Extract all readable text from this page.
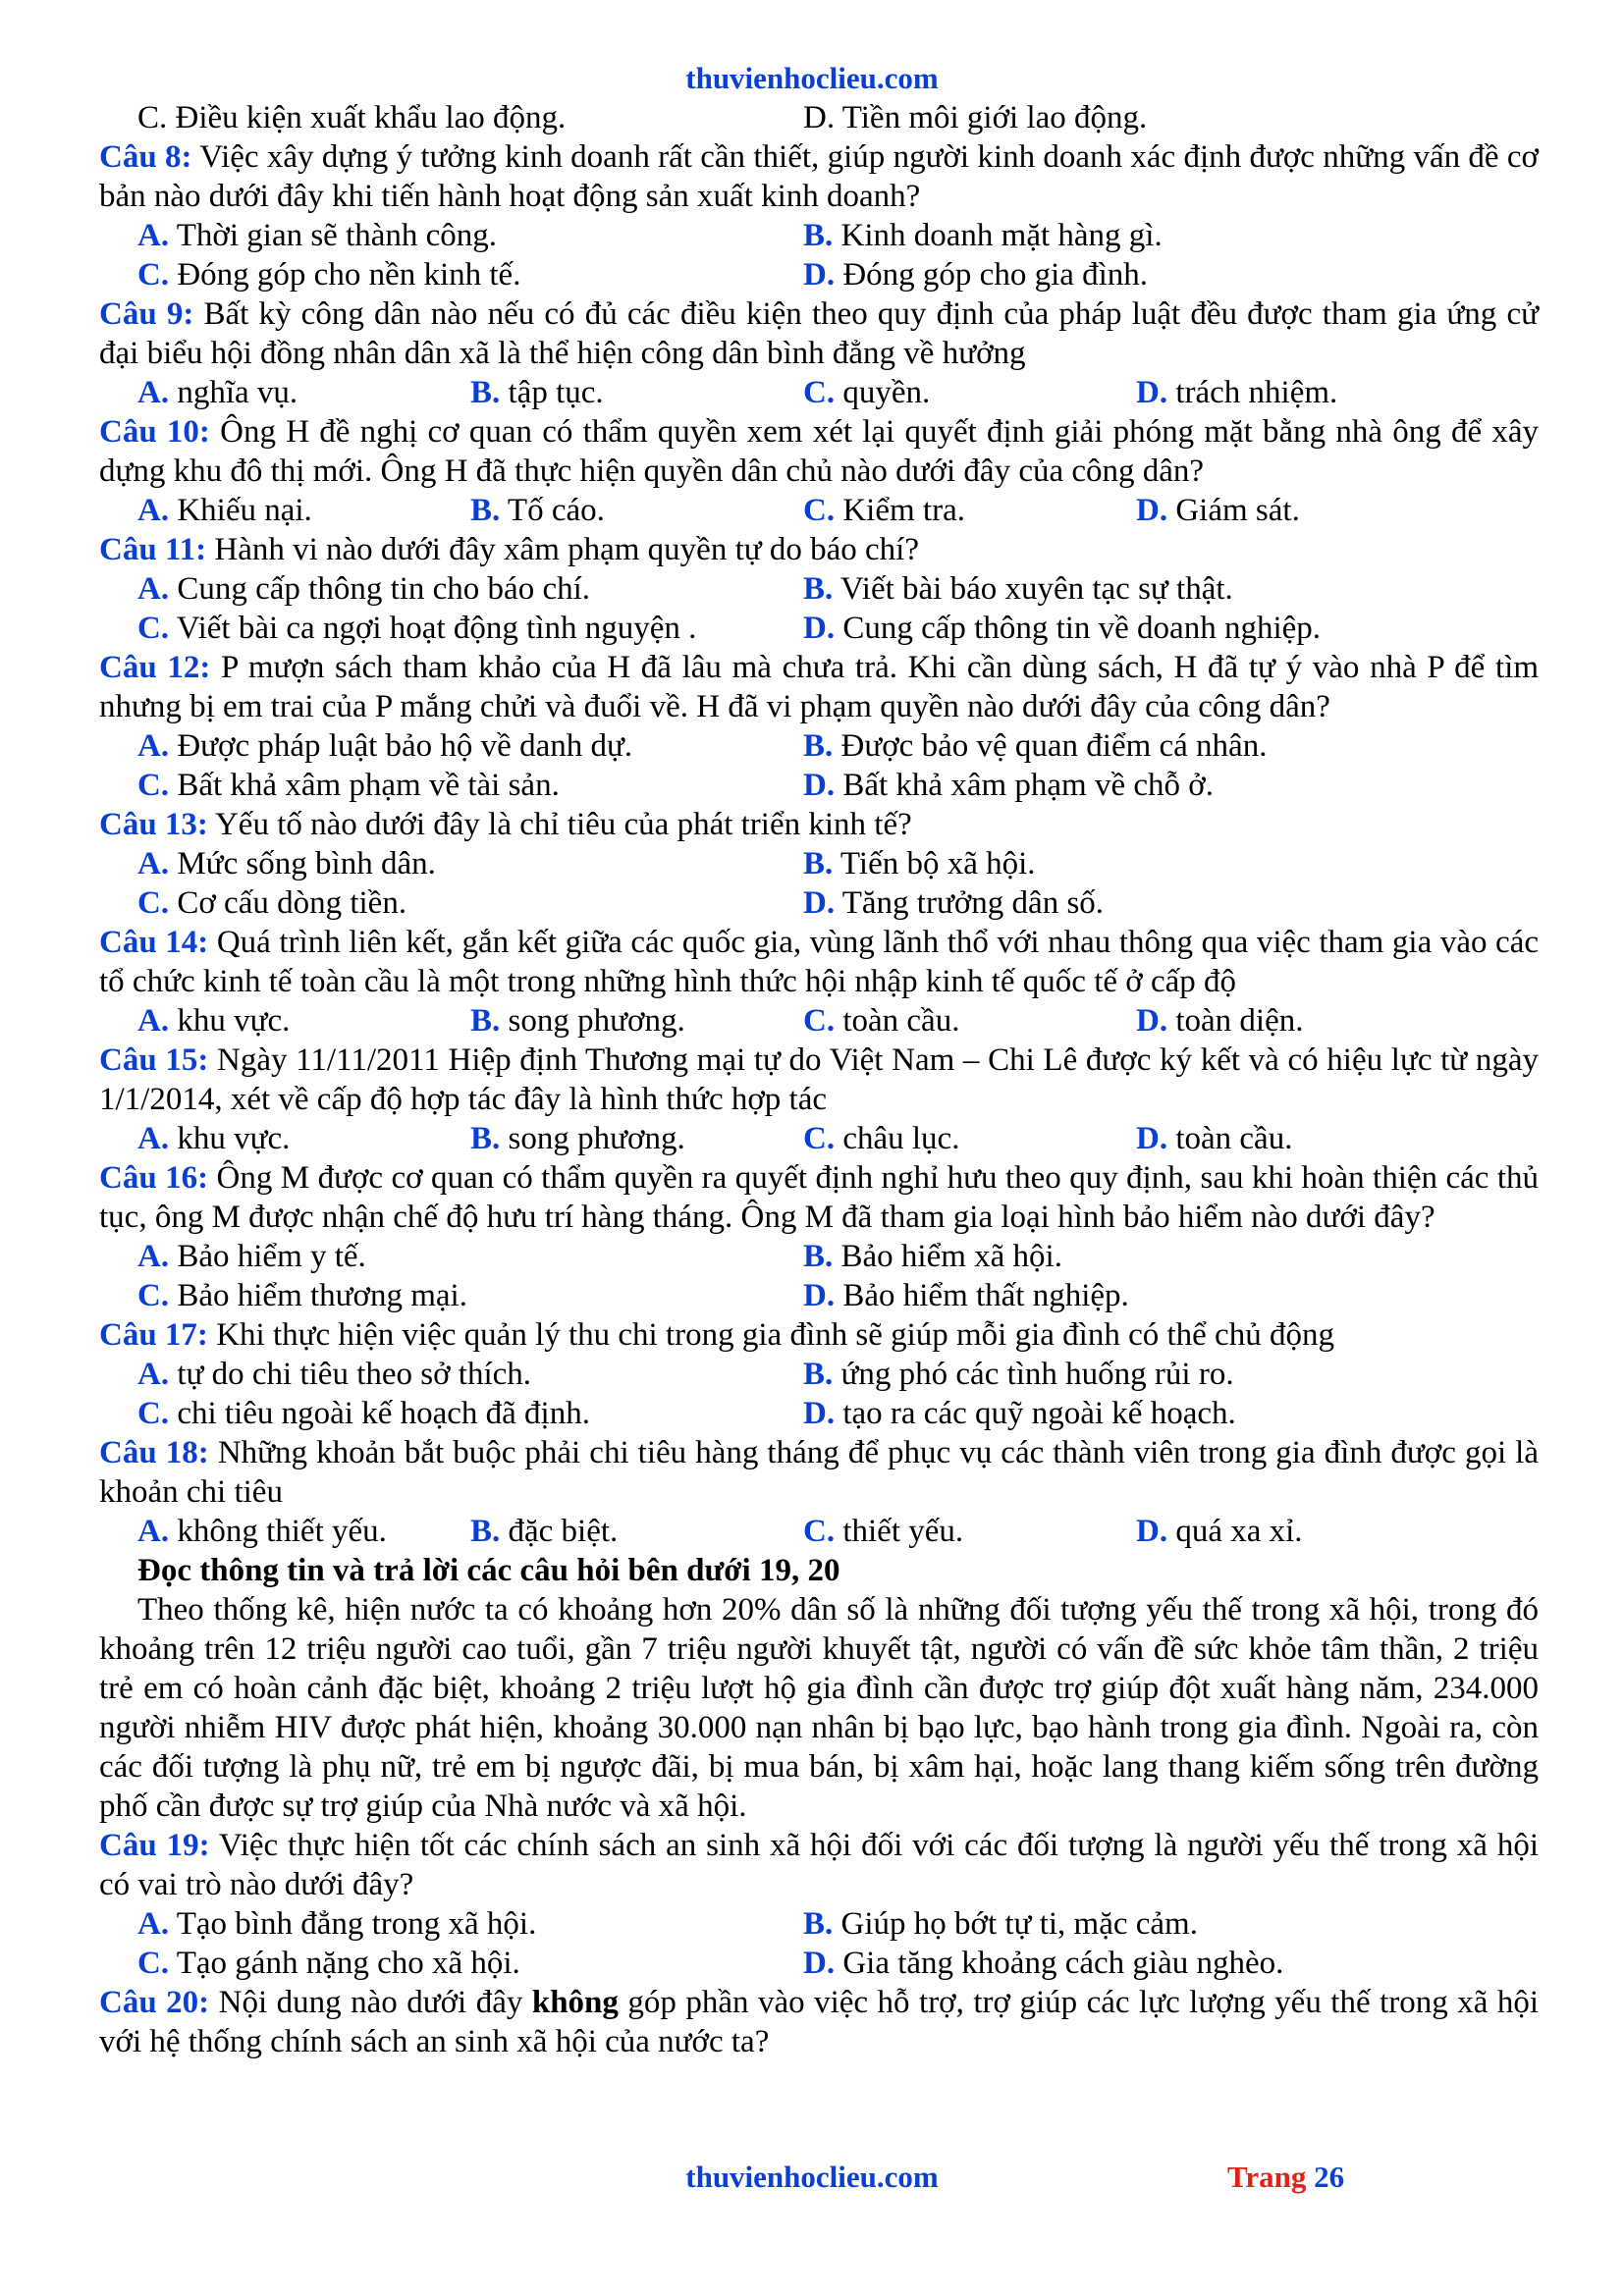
thuvienhoclieu.com
C. Điều kiện xuất khẩu lao động.	D. Tiền môi giới lao động.
Câu 8: Việc xây dựng ý tưởng kinh doanh rất cần thiết, giúp người kinh doanh xác định được những vấn đề cơ bản nào dưới đây khi tiến hành hoạt động sản xuất kinh doanh?
A. Thời gian sẽ thành công.	B. Kinh doanh mặt hàng gì.
C. Đóng góp cho nền kinh tế.	D. Đóng góp cho gia đình.
Câu 9: Bất kỳ công dân nào nếu có đủ các điều kiện theo quy định của pháp luật đều được tham gia ứng cử đại biểu hội đồng nhân dân xã là thể hiện công dân bình đẳng về hưởng
A. nghĩa vụ.	B. tập tục.	C. quyền.	D. trách nhiệm.
Câu 10: Ông H đề nghị cơ quan có thẩm quyền xem xét lại quyết định giải phóng mặt bằng nhà ông để xây dựng khu đô thị mới. Ông H đã thực hiện quyền dân chủ nào dưới đây của công dân?
A. Khiếu nại.	B. Tố cáo.	C. Kiểm tra.	D. Giám sát.
Câu 11: Hành vi nào dưới đây xâm phạm quyền tự do báo chí?
A. Cung cấp thông tin cho báo chí.	B. Viết bài báo xuyên tạc sự thật.
C. Viết bài ca ngợi hoạt động tình nguyện .	D. Cung cấp thông tin về doanh nghiệp.
Câu 12: P mượn sách tham khảo của H đã lâu mà chưa trả. Khi cần dùng sách, H đã tự ý vào nhà P để tìm nhưng bị em trai của P mắng chửi và đuổi về. H đã vi phạm quyền nào dưới đây của công dân?
A. Được pháp luật bảo hộ về danh dự.	B. Được bảo vệ quan điểm cá nhân.
C. Bất khả xâm phạm về tài sản.	D. Bất khả xâm phạm về chỗ ở.
Câu 13: Yếu tố nào dưới đây là chỉ tiêu của phát triển kinh tế?
A. Mức sống bình dân.	B. Tiến bộ xã hội.
C. Cơ cấu dòng tiền.	D. Tăng trưởng dân số.
Câu 14: Quá trình liên kết, gắn kết giữa các quốc gia, vùng lãnh thổ với nhau thông qua việc tham gia vào các tổ chức kinh tế toàn cầu là một trong những hình thức hội nhập kinh tế quốc tế ở cấp độ
A. khu vực.	B. song phương.	C. toàn cầu.	D. toàn diện.
Câu 15: Ngày 11/11/2011 Hiệp định Thương mại tự do Việt Nam – Chi Lê được ký kết và có hiệu lực từ ngày 1/1/2014, xét về cấp độ hợp tác đây là hình thức hợp tác
A. khu vực.	B. song phương.	C. châu lục.	D. toàn cầu.
Câu 16: Ông M được cơ quan có thẩm quyền ra quyết định nghỉ hưu theo quy định, sau khi hoàn thiện các thủ tục, ông M được nhận chế độ hưu trí hàng tháng. Ông M đã tham gia loại hình bảo hiểm nào dưới đây?
A. Bảo hiểm y tế.	B. Bảo hiểm xã hội.
C. Bảo hiểm thương mại.	D. Bảo hiểm thất nghiệp.
Câu 17: Khi thực hiện việc quản lý thu chi trong gia đình sẽ giúp mỗi gia đình có thể chủ động
A. tự do chi tiêu theo sở thích.	B. ứng phó các tình huống rủi ro.
C. chi tiêu ngoài kế hoạch đã định.	D. tạo ra các quỹ ngoài kế hoạch.
Câu 18: Những khoản bắt buộc phải chi tiêu hàng tháng để phục vụ các thành viên trong gia đình được gọi là khoản chi tiêu
A. không thiết yếu.	B. đặc biệt.	C. thiết yếu.	D. quá xa xỉ.
Đọc thông tin và trả lời các câu hỏi bên dưới 19, 20
Theo thống kê, hiện nước ta có khoảng hơn 20% dân số là những đối tượng yếu thế trong xã hội, trong đó khoảng trên 12 triệu người cao tuổi, gần 7 triệu người khuyết tật, người có vấn đề sức khỏe tâm thần, 2 triệu trẻ em có hoàn cảnh đặc biệt, khoảng 2 triệu lượt hộ gia đình cần được trợ giúp đột xuất hàng năm, 234.000 người nhiễm HIV được phát hiện, khoảng 30.000 nạn nhân bị bạo lực, bạo hành trong gia đình. Ngoài ra, còn các đối tượng là phụ nữ, trẻ em bị ngược đãi, bị mua bán, bị xâm hại, hoặc lang thang kiếm sống trên đường phố cần được sự trợ giúp của Nhà nước và xã hội.
Câu 19: Việc thực hiện tốt các chính sách an sinh xã hội đối với các đối tượng là người yếu thế trong xã hội có vai trò nào dưới đây?
A. Tạo bình đẳng trong xã hội.	B. Giúp họ bớt tự ti, mặc cảm.
C. Tạo gánh nặng cho xã hội.	D. Gia tăng khoảng cách giàu nghèo.
Câu 20: Nội dung nào dưới đây không góp phần vào việc hỗ trợ, trợ giúp các lực lượng yếu thế trong xã hội với hệ thống chính sách an sinh xã hội của nước ta?
thuvienhoclieu.com	Trang 26
